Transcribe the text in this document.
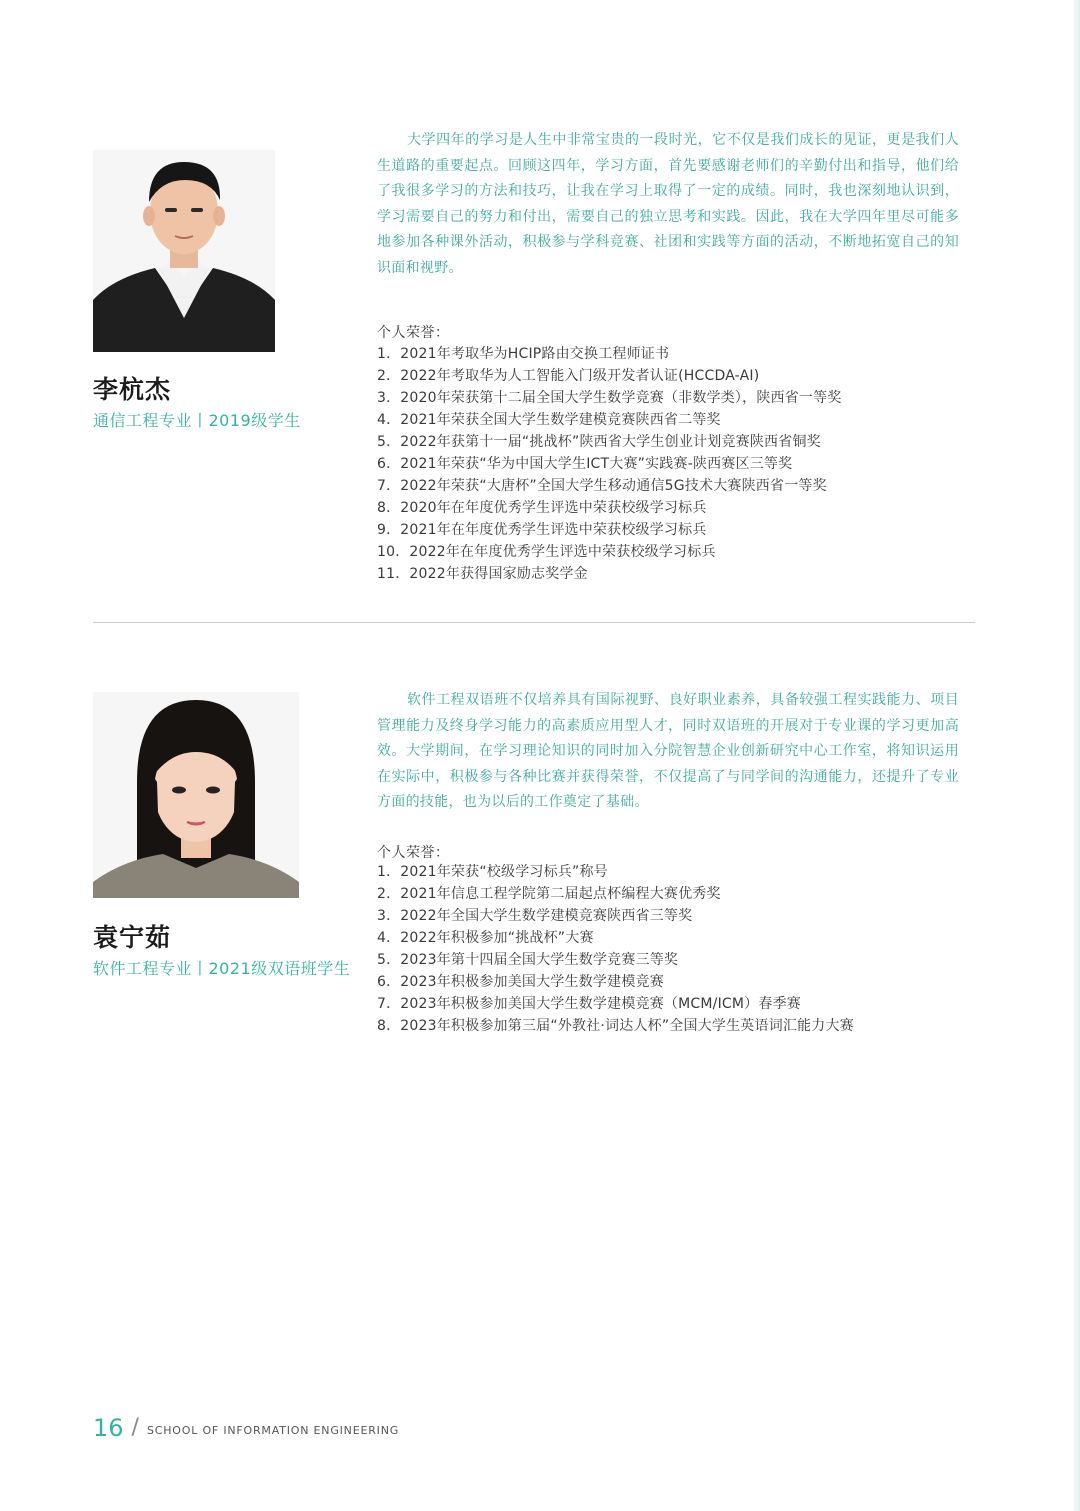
李杭杰
通信工程专业丨2019级学生

大学四年的学习是人生中非常宝贵的一段时光，它不仅是我们成长的见证，更是我们人生道路的重要起点。回顾这四年，学习方面，首先要感谢老师们的辛勤付出和指导，他们给了我很多学习的方法和技巧，让我在学习上取得了一定的成绩。同时，我也深刻地认识到，学习需要自己的努力和付出，需要自己的独立思考和实践。因此，我在大学四年里尽可能多地参加各种课外活动，积极参与学科竞赛、社团和实践等方面的活动，不断地拓宽自己的知识面和视野。

个人荣誉：
1．2021年考取华为HCIP路由交换工程师证书
2．2022年考取华为人工智能入门级开发者认证(HCCDA-AI)
3．2020年荣获第十二届全国大学生数学竞赛（非数学类），陕西省一等奖
4．2021年荣获全国大学生数学建模竞赛陕西省二等奖
5．2022年获第十一届“挑战杯”陕西省大学生创业计划竞赛陕西省铜奖
6．2021年荣获“华为中国大学生ICT大赛”实践赛-陕西赛区三等奖
7．2022年荣获“大唐杯”全国大学生移动通信5G技术大赛陕西省一等奖
8．2020年在年度优秀学生评选中荣获校级学习标兵
9．2021年在年度优秀学生评选中荣获校级学习标兵
10．2022年在年度优秀学生评选中荣获校级学习标兵
11．2022年获得国家励志奖学金
袁宁茹
软件工程专业丨2021级双语班学生

软件工程双语班不仅培养具有国际视野、良好职业素养，具备较强工程实践能力、项目管理能力及终身学习能力的高素质应用型人才，同时双语班的开展对于专业课的学习更加高效。大学期间，在学习理论知识的同时加入分院智慧企业创新研究中心工作室，将知识运用在实际中，积极参与各种比赛并获得荣誉，不仅提高了与同学间的沟通能力，还提升了专业方面的技能，也为以后的工作奠定了基础。

个人荣誉：
1．2021年荣获“校级学习标兵”称号
2．2021年信息工程学院第二届起点杯编程大赛优秀奖
3．2022年全国大学生数学建模竞赛陕西省三等奖
4．2022年积极参加“挑战杯”大赛
5．2023年第十四届全国大学生数学竞赛三等奖
6．2023年积极参加美国大学生数学建模竞赛
7．2023年积极参加美国大学生数学建模竞赛（MCM/ICM）春季赛
8．2023年积极参加第三届“外教社·词达人杯”全国大学生英语词汇能力大赛
16 / SCHOOL OF INFORMATION ENGINEERING
